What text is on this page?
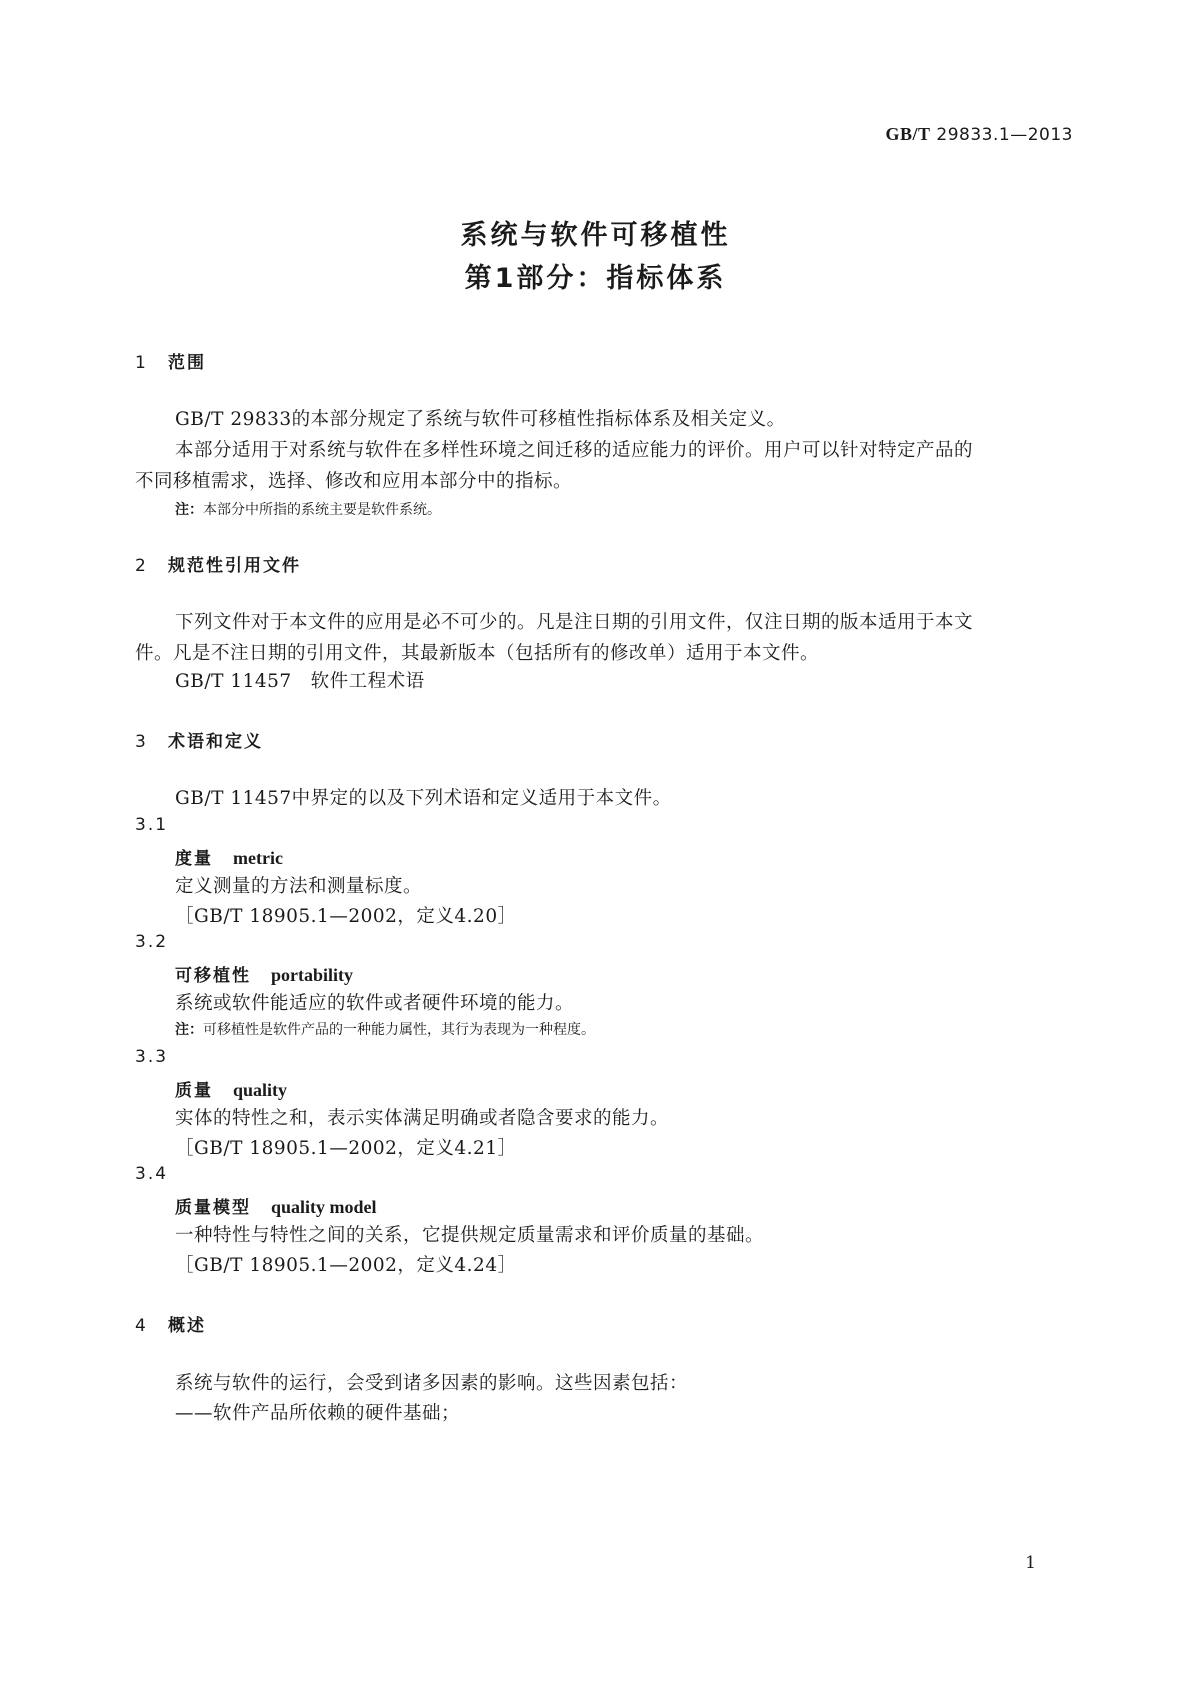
GB/T 29833.1—2013
系统与软件可移植性
第1部分：指标体系
1 范围
GB/T 29833的本部分规定了系统与软件可移植性指标体系及相关定义。
本部分适用于对系统与软件在多样性环境之间迁移的适应能力的评价。用户可以针对特定产品的
不同移植需求，选择、修改和应用本部分中的指标。
注：本部分中所指的系统主要是软件系统。
2 规范性引用文件
下列文件对于本文件的应用是必不可少的。凡是注日期的引用文件，仅注日期的版本适用于本文
件。凡是不注日期的引用文件，其最新版本（包括所有的修改单）适用于本文件。
GB/T 11457　软件工程术语
3 术语和定义
GB/T 11457中界定的以及下列术语和定义适用于本文件。
3.1
度量 metric
定义测量的方法和测量标度。
［GB/T 18905.1—2002，定义4.20］
3.2
可移植性 portability
系统或软件能适应的软件或者硬件环境的能力。
注：可移植性是软件产品的一种能力属性，其行为表现为一种程度。
3.3
质量 quality
实体的特性之和，表示实体满足明确或者隐含要求的能力。
［GB/T 18905.1—2002，定义4.21］
3.4
质量模型 quality model
一种特性与特性之间的关系，它提供规定质量需求和评价质量的基础。
［GB/T 18905.1—2002，定义4.24］
4 概述
系统与软件的运行，会受到诸多因素的影响。这些因素包括：
——软件产品所依赖的硬件基础；
1
